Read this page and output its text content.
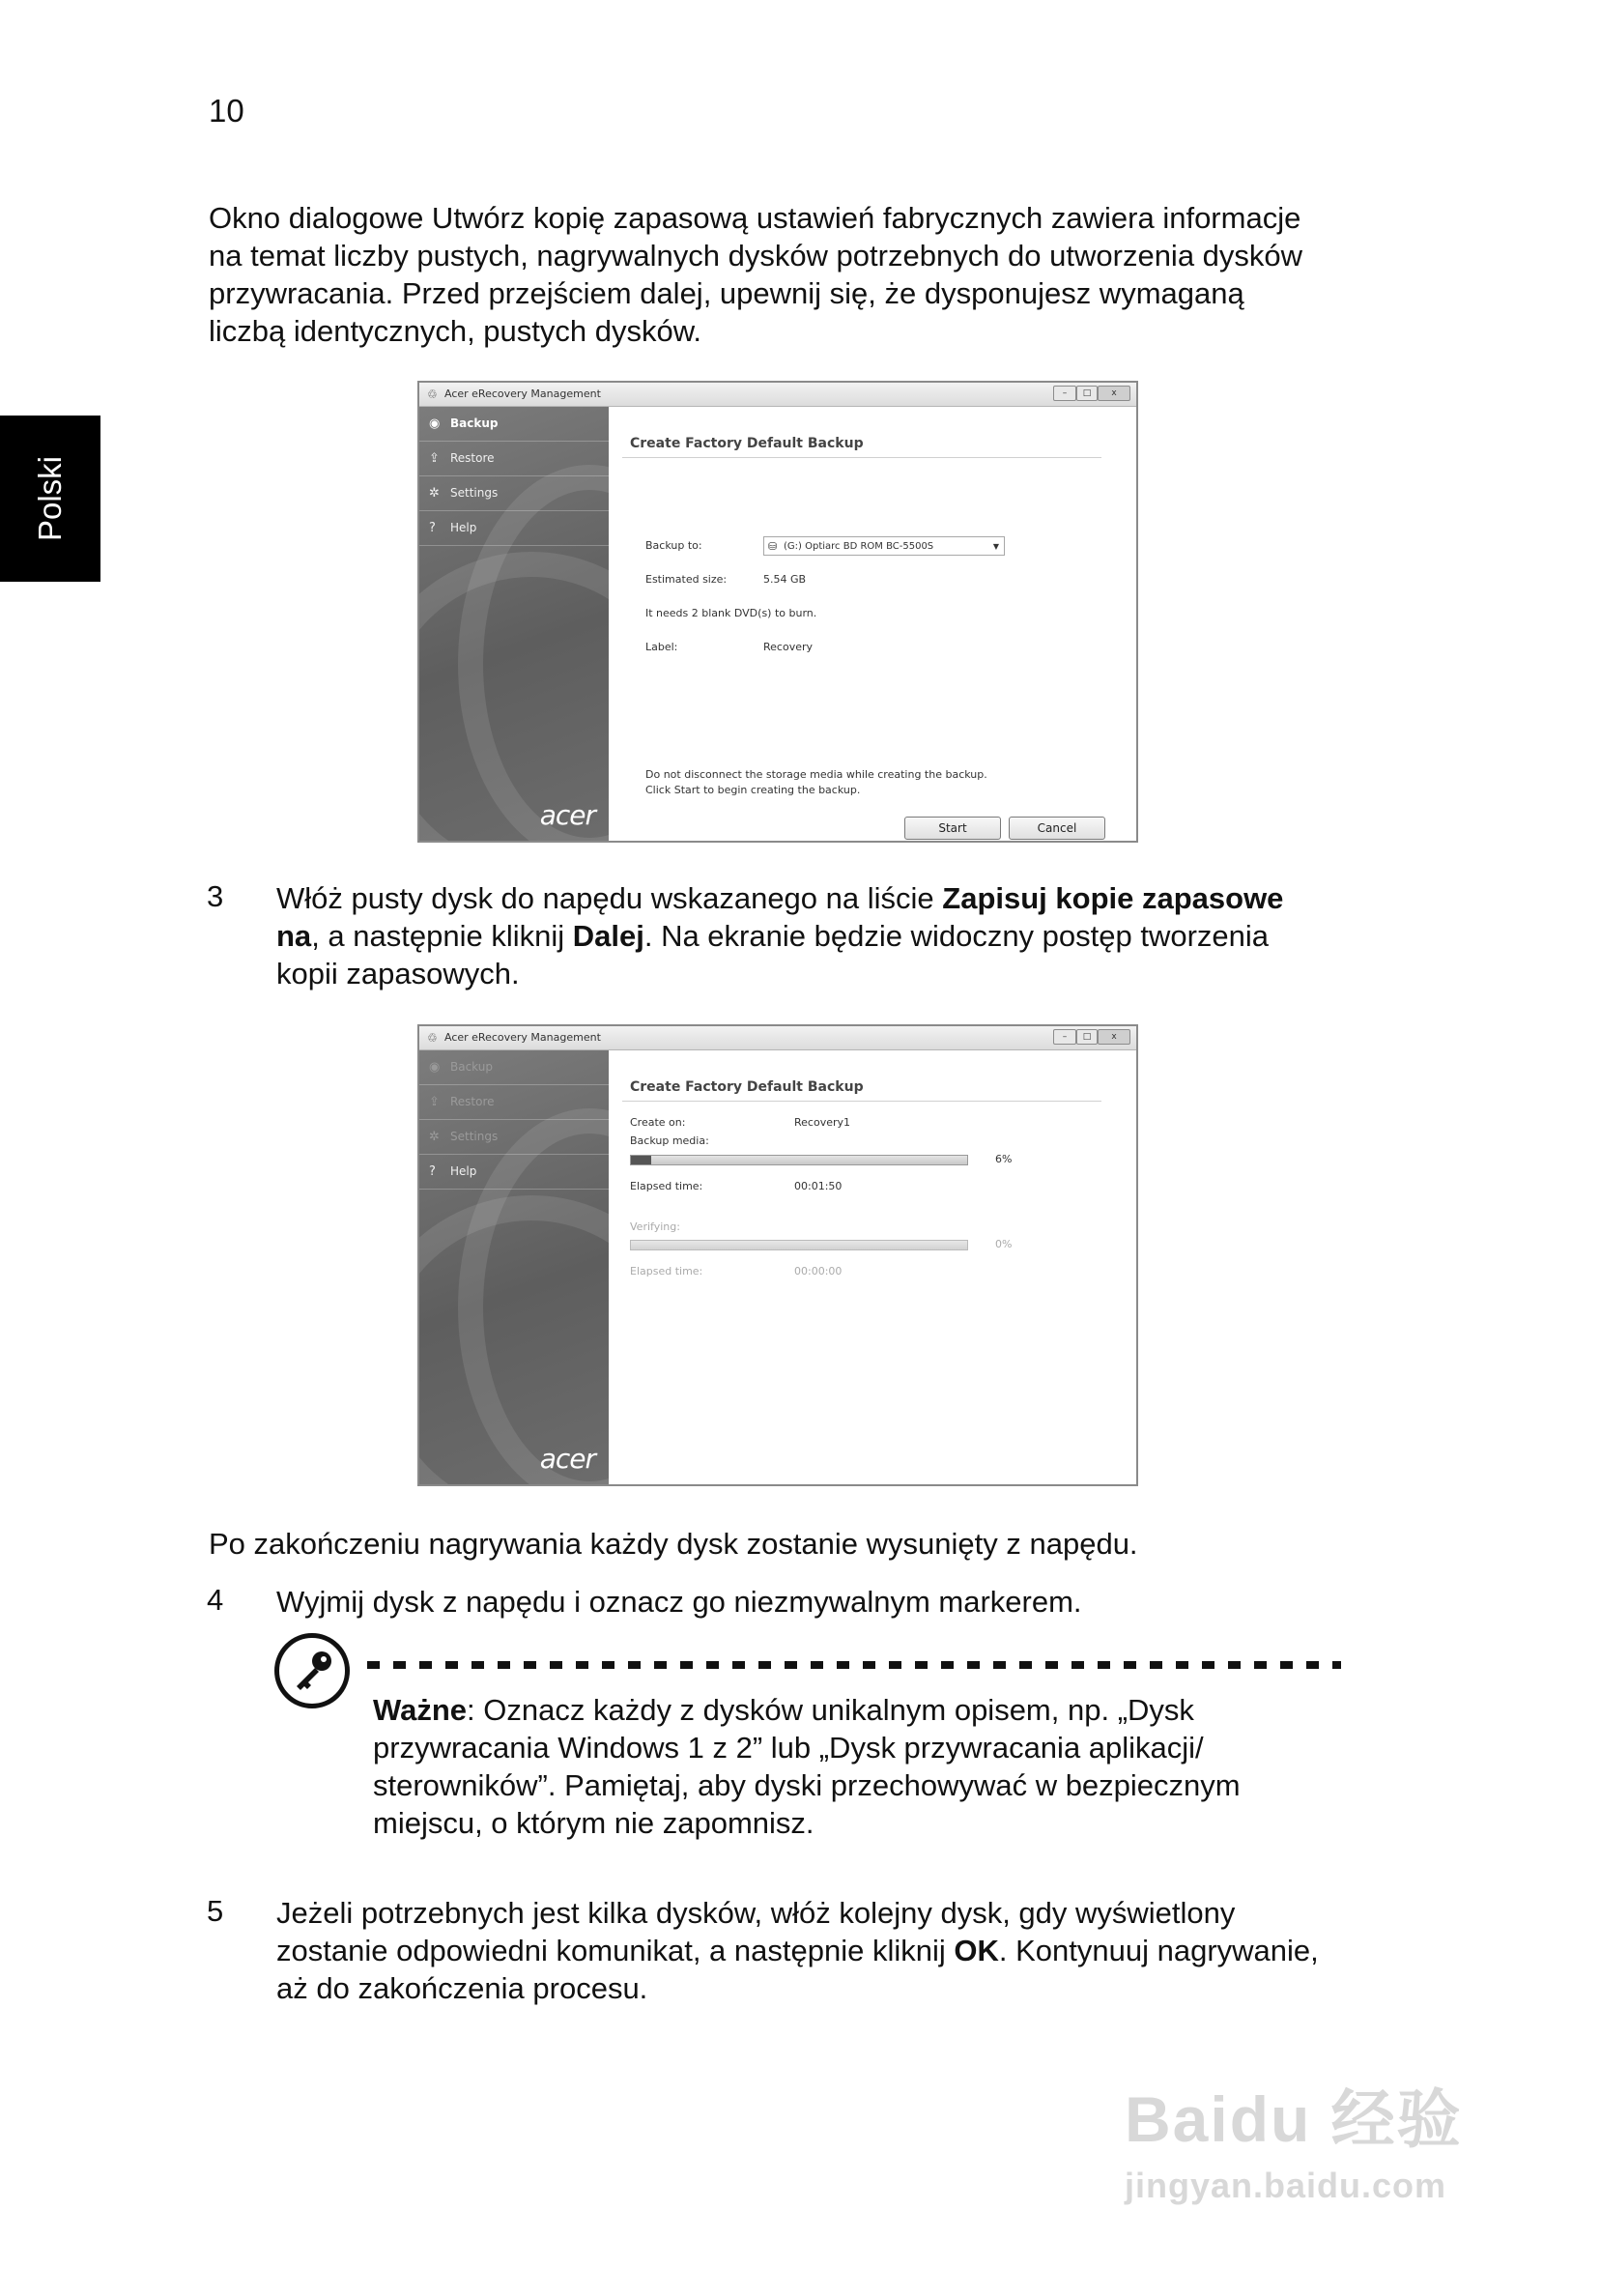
10
Polski
Okno dialogowe Utwórz kopię zapasową ustawień fabrycznych zawiera informacje
na temat liczby pustych, nagrywalnych dysków potrzebnych do utworzenia dysków
przywracania. Przed przejściem dalej, upewnij się, że dysponujesz wymaganą
liczbą identycznych, pustych dysków.
♲ Acer eRecovery Management	–	□	x
◉ Backup
⇪ Restore
✲ Settings
? Help
acer
Create Factory Default Backup
Backup to:	⛁ (G:) Optiarc BD ROM BC-5500S	▼
Estimated size:	5.54 GB
It needs 2 blank DVD(s) to burn.
Label:	Recovery
Do not disconnect the storage media while creating the backup.
Click Start to begin creating the backup.
Start	Cancel
3 Włóż pusty dysk do napędu wskazanego na liście Zapisuj kopie zapasowe
na, a następnie kliknij Dalej. Na ekranie będzie widoczny postęp tworzenia
kopii zapasowych.
♲ Acer eRecovery Management	–	□	x
◉ Backup
⇪ Restore
✲ Settings
? Help
acer
Create Factory Default Backup
Create on:	Recovery1
Backup media:
6%
Elapsed time:	00:01:50
Verifying:
0%
Elapsed time:	00:00:00
Po zakończeniu nagrywania każdy dysk zostanie wysunięty z napędu.
4 Wyjmij dysk z napędu i oznacz go niezmywalnym markerem.
Ważne: Oznacz każdy z dysków unikalnym opisem, np. „Dysk
przywracania Windows 1 z 2” lub „Dysk przywracania aplikacji/
sterowników”. Pamiętaj, aby dyski przechowywać w bezpiecznym
miejscu, o którym nie zapomnisz.
5 Jeżeli potrzebnych jest kilka dysków, włóż kolejny dysk, gdy wyświetlony
zostanie odpowiedni komunikat, a następnie kliknij OK. Kontynuuj nagrywanie,
aż do zakończenia procesu.
Baidu 经验
jingyan.baidu.com
